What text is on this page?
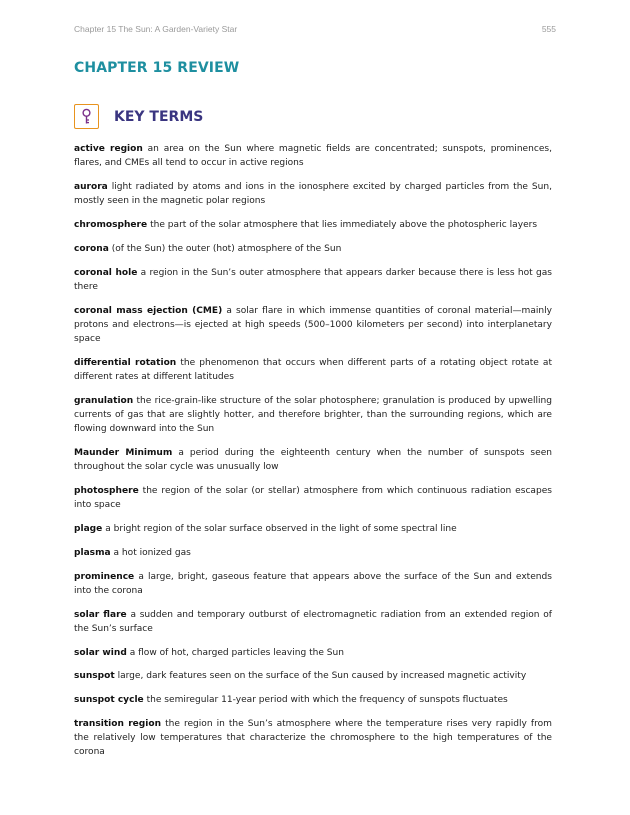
Chapter 15 The Sun: A Garden-Variety Star	555
CHAPTER 15 REVIEW
KEY TERMS

active region an area on the Sun where magnetic fields are concentrated; sunspots, prominences, flares, and CMEs all tend to occur in active regions

aurora light radiated by atoms and ions in the ionosphere excited by charged particles from the Sun, mostly seen in the magnetic polar regions

chromosphere the part of the solar atmosphere that lies immediately above the photospheric layers

corona (of the Sun) the outer (hot) atmosphere of the Sun

coronal hole a region in the Sun’s outer atmosphere that appears darker because there is less hot gas there

coronal mass ejection (CME) a solar flare in which immense quantities of coronal material—mainly protons and electrons—is ejected at high speeds (500–1000 kilometers per second) into interplanetary space

differential rotation the phenomenon that occurs when different parts of a rotating object rotate at different rates at different latitudes

granulation the rice-grain-like structure of the solar photosphere; granulation is produced by upwelling currents of gas that are slightly hotter, and therefore brighter, than the surrounding regions, which are flowing downward into the Sun

Maunder Minimum a period during the eighteenth century when the number of sunspots seen throughout the solar cycle was unusually low

photosphere the region of the solar (or stellar) atmosphere from which continuous radiation escapes into space

plage a bright region of the solar surface observed in the light of some spectral line

plasma a hot ionized gas

prominence a large, bright, gaseous feature that appears above the surface of the Sun and extends into the corona

solar flare a sudden and temporary outburst of electromagnetic radiation from an extended region of the Sun’s surface

solar wind a flow of hot, charged particles leaving the Sun

sunspot large, dark features seen on the surface of the Sun caused by increased magnetic activity

sunspot cycle the semiregular 11-year period with which the frequency of sunspots fluctuates

transition region the region in the Sun’s atmosphere where the temperature rises very rapidly from the relatively low temperatures that characterize the chromosphere to the high temperatures of the corona
